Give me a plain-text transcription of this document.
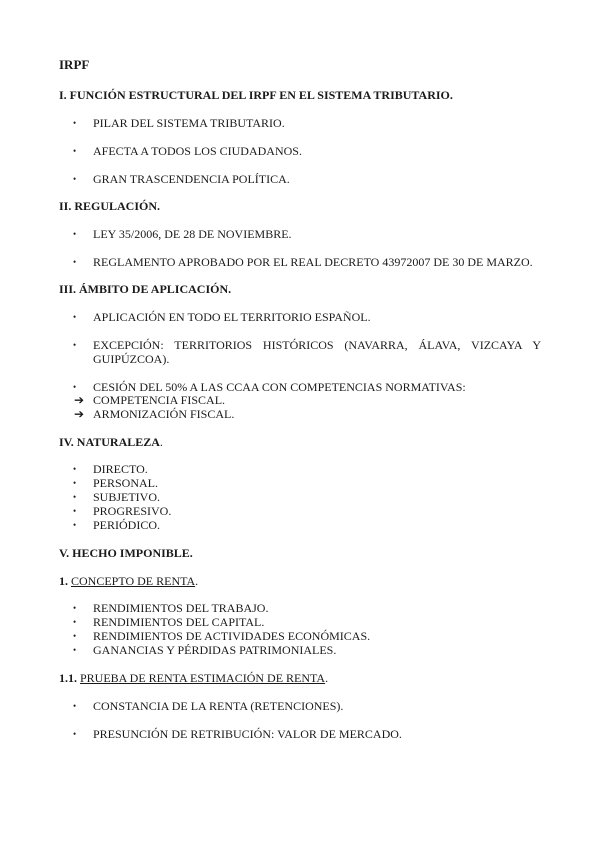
IRPF
I. FUNCIÓN ESTRUCTURAL DEL IRPF EN EL SISTEMA TRIBUTARIO.
•	PILAR DEL SISTEMA TRIBUTARIO.
•	AFECTA A TODOS LOS CIUDADANOS.
•	GRAN TRASCENDENCIA POLÍTICA.
II. REGULACIÓN.
•	LEY 35/2006, DE 28 DE NOVIEMBRE.
•	REGLAMENTO APROBADO POR EL REAL DECRETO 43972007 DE 30 DE MARZO.
III. ÁMBITO DE APLICACIÓN.
•	APLICACIÓN EN TODO EL TERRITORIO ESPAÑOL.
•	EXCEPCIÓN: TERRITORIOS HISTÓRICOS (NAVARRA, ÁLAVA, VIZCAYA Y GUIPÚZCOA).
•	CESIÓN DEL 50% A LAS CCAA CON COMPETENCIAS NORMATIVAS:
➔ COMPETENCIA FISCAL.
➔ ARMONIZACIÓN FISCAL.
IV. NATURALEZA.
•	DIRECTO.
•	PERSONAL.
•	SUBJETIVO.
•	PROGRESIVO.
•	PERIÓDICO.
V. HECHO IMPONIBLE.
1. CONCEPTO DE RENTA.
•	RENDIMIENTOS DEL TRABAJO.
•	RENDIMIENTOS DEL CAPITAL.
•	RENDIMIENTOS DE ACTIVIDADES ECONÓMICAS.
•	GANANCIAS Y PÉRDIDAS PATRIMONIALES.
1.1. PRUEBA DE RENTA ESTIMACIÓN DE RENTA.
•	CONSTANCIA DE LA RENTA (RETENCIONES).
•	PRESUNCIÓN DE RETRIBUCIÓN: VALOR DE MERCADO.
